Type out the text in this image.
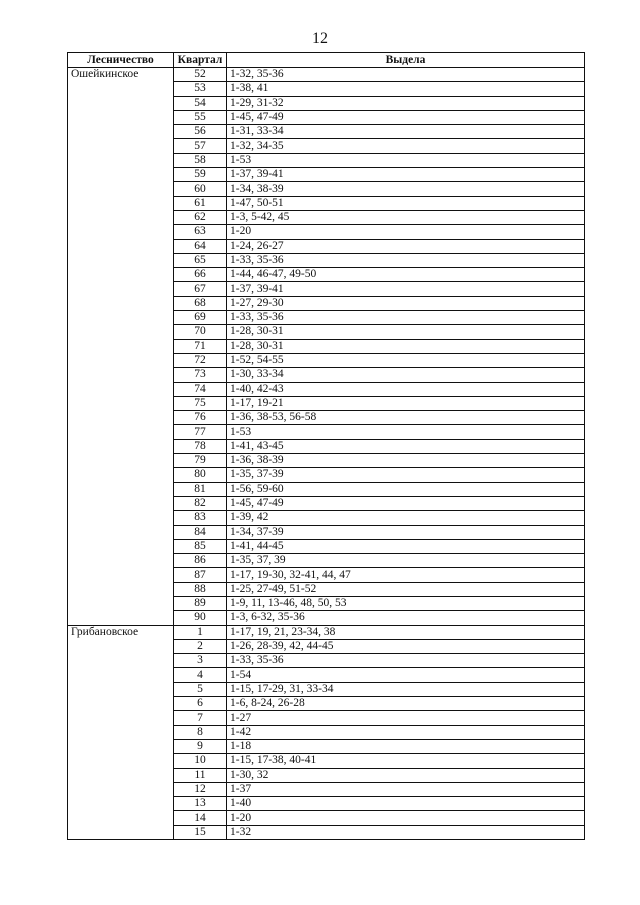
12
Лесничество	Квартал	Выдела
Ошейкинское	52	1-32, 35-36
	53	1-38, 41
	54	1-29, 31-32
	55	1-45, 47-49
	56	1-31, 33-34
	57	1-32, 34-35
	58	1-53
	59	1-37, 39-41
	60	1-34, 38-39
	61	1-47, 50-51
	62	1-3, 5-42, 45
	63	1-20
	64	1-24, 26-27
	65	1-33, 35-36
	66	1-44, 46-47, 49-50
	67	1-37, 39-41
	68	1-27, 29-30
	69	1-33, 35-36
	70	1-28, 30-31
	71	1-28, 30-31
	72	1-52, 54-55
	73	1-30, 33-34
	74	1-40, 42-43
	75	1-17, 19-21
	76	1-36, 38-53, 56-58
	77	1-53
	78	1-41, 43-45
	79	1-36, 38-39
	80	1-35, 37-39
	81	1-56, 59-60
	82	1-45, 47-49
	83	1-39, 42
	84	1-34, 37-39
	85	1-41, 44-45
	86	1-35, 37, 39
	87	1-17, 19-30, 32-41, 44, 47
	88	1-25, 27-49, 51-52
	89	1-9, 11, 13-46, 48, 50, 53
	90	1-3, 6-32, 35-36
Грибановское	1	1-17, 19, 21, 23-34, 38
	2	1-26, 28-39, 42, 44-45
	3	1-33, 35-36
	4	1-54
	5	1-15, 17-29, 31, 33-34
	6	1-6, 8-24, 26-28
	7	1-27
	8	1-42
	9	1-18
	10	1-15, 17-38, 40-41
	11	1-30, 32
	12	1-37
	13	1-40
	14	1-20
	15	1-32
